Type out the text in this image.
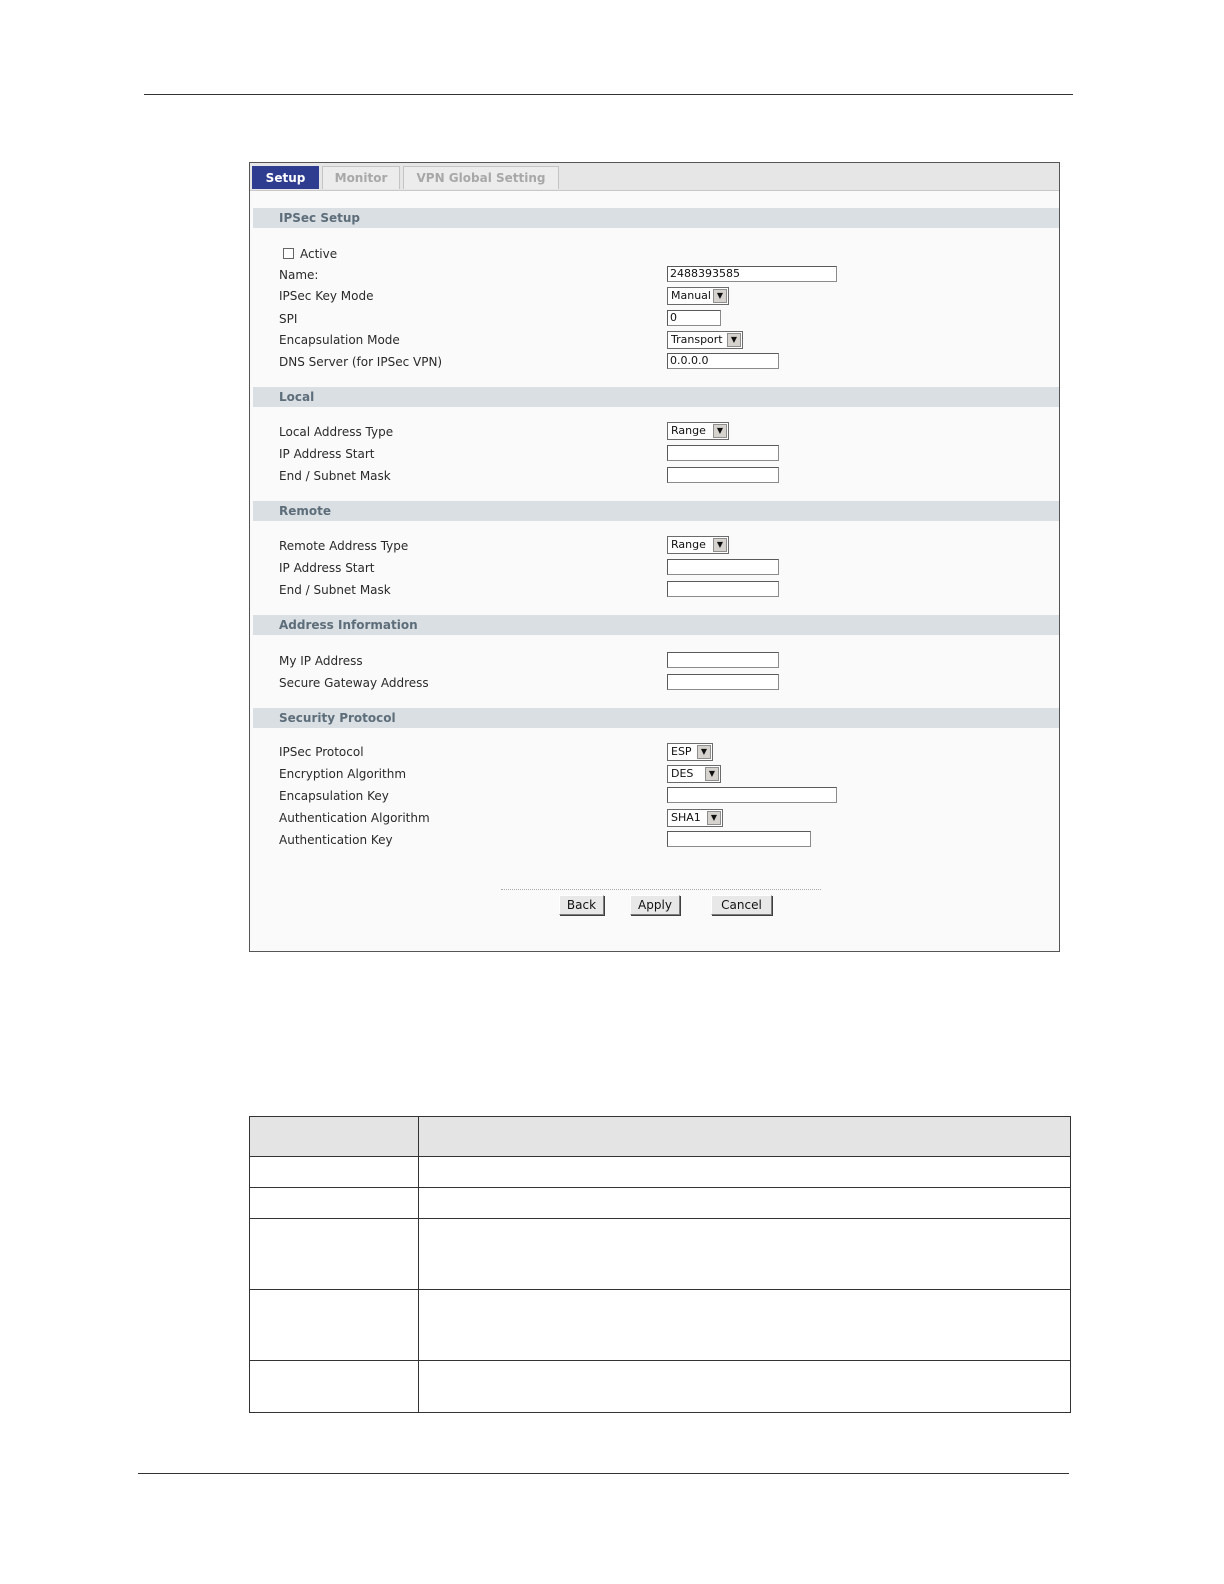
Setup	Monitor	VPN Global Setting
IPSec Setup
Active
Name:	2488393585
IPSec Key Mode	Manual ▼
SPI	0
Encapsulation Mode	Transport	▼
DNS Server (for IPSec VPN)	0.0.0.0
Local
Local Address Type	Range	▼
IP Address Start
End / Subnet Mask
Remote
Remote Address Type	Range	▼
IP Address Start
End / Subnet Mask
Address Information
My IP Address
Secure Gateway Address
Security Protocol
IPSec Protocol	ESP	▼
Encryption Algorithm	DES	▼
Encapsulation Key
Authentication Algorithm	SHA1	▼
Authentication Key
Back	Apply	Cancel
